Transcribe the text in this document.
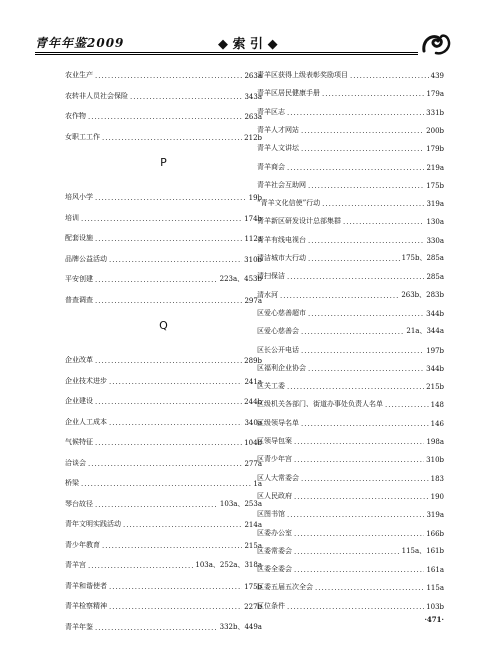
青年年鉴2009	◆ 索 引 ◆
农业生产 .....	263a
农转非人员社会保险 .....	343a
农作物 .....	263a
女职工工作 .....	212b
P
培风小学 .....	19b
培训 .....	174b
配套设施 .....	112a
品牌公益活动 .....	310b
平安创建 .....	223a、453b
普查调查 .....	297a
Q
企业改革 .....	289b
企业技术进步 .....	241a
企业建设 .....	244b
企业人工成本 .....	340a
气候特征 .....	104b
洽谈会 .....	277a
桥梁 .....	1a
琴台故径 .....	103a、253a
青年文明实践活动 .....	214a
青少年教育 .....	215a
青羊宫 .....	103a、252a、318a
青羊和谐使者 .....	175b
青羊检察精神 .....	227b
青羊年鉴 .....	332b、449a
青羊区获得上级表彰奖励项目 .....	439
青羊区居民健康手册 .....	179a
青羊区志 .....	331b
青羊人才网站 .....	200b
青羊人文讲坛 .....	179b
青羊商会 .....	219a
青羊社会互助网 .....	175b
“青羊文化信使”行动 .....	319a
青羊新区研发设计总部集群 .....	130a
青羊有线电视台 .....	330a
清洁城市大行动 .....	175b、285a
清扫保洁 .....	285a
清水河 .....	263b、283b
区爱心慈善超市 .....	344b
区爱心慈善会 .....	21a、344a
区长公开电话 .....	197b
区福利企业协会 .....	344b
区关工委 .....	215b
区级机关各部门、街道办事处负责人名单 .....	148
区级领导名单 .....	146
区领导包案 .....	198a
区青少年宫 .....	310b
区人大常委会 .....	183
区人民政府 .....	190
区图书馆 .....	319a
区委办公室 .....	166b
区委常委会 .....	115a、161b
区委全委会 .....	161a
区委五届五次全会 .....	115a
区位条件 .....	103b
·471·
